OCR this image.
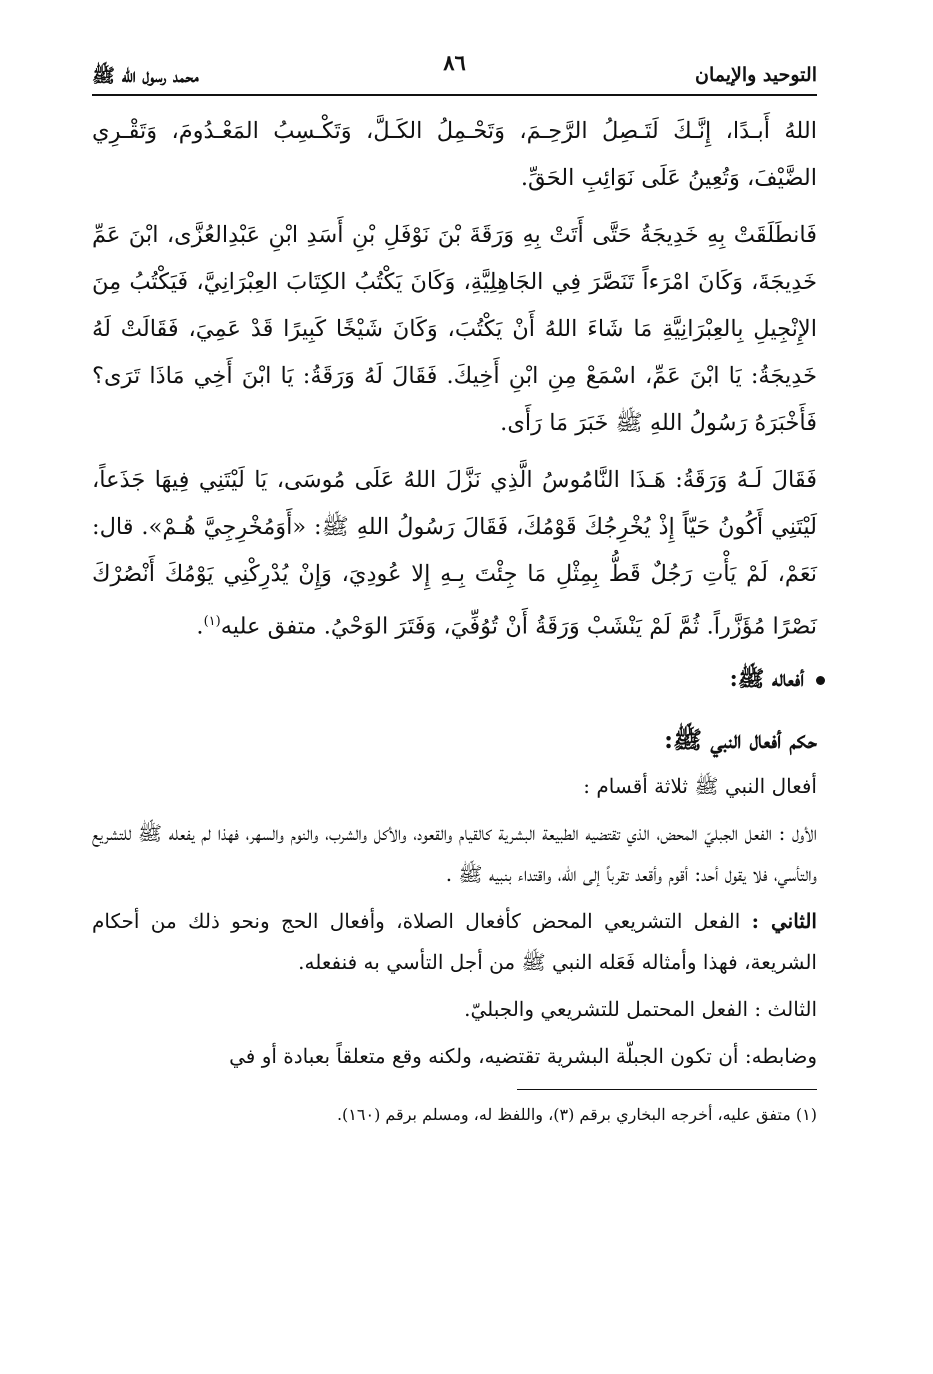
التوحيد والإيمان
٨٦
محمد رسول الله ﷺ

اللهُ أَبـدًا، إِنَّـكَ لَتَـصِلُ الرَّحِـمَ، وَتَحْـمِلُ الكَـلَّ، وَتَكْـسِبُ المَعْـدُومَ، وَتَقْـرِي الضَّيْفَ، وَتُعِينُ عَلَى نَوَائِبِ الحَقِّ.

فَانطَلَقَتْ بِهِ خَدِيجَةُ حَتَّى أَتَتْ بِهِ وَرَقَةَ بْنَ نَوْفَلِ بْنِ أَسَدِ ابْنِ عَبْدِالعُزَّى، ابْنَ عَمِّ خَدِيجَةَ، وَكَانَ امْرَءاً تَنَصَّرَ فِي الجَاهِلِيَّةِ، وَكَانَ يَكْتُبُ الكِتَابَ العِبْرَانِيَّ، فَيَكْتُبُ مِنَ الإِنْجِيلِ بِالعِبْرَانِيَّةِ مَا شَاءَ اللهُ أَنْ يَكْتُبَ، وَكَانَ شَيْخًا كَبِيرًا قَدْ عَمِيَ، فَقَالَتْ لَهُ خَدِيجَةُ: يَا ابْنَ عَمِّ، اسْمَعْ مِنِ ابْنِ أَخِيكَ. فَقَالَ لَهُ وَرَقَةُ: يَا ابْنَ أَخِي مَاذَا تَرَى؟ فَأَخْبَرَهُ رَسُولُ اللهِ ﷺ خَبَرَ مَا رَأَى.

فَقَالَ لَـهُ وَرَقَةُ: هَـذَا النَّامُوسُ الَّذِي نَزَّلَ اللهُ عَلَى مُوسَى، يَا لَيْتَنِي فِيهَا جَذَعاً، لَيْتَنِي أَكُونُ حَيّاً إِذْ يُخْرِجُكَ قَوْمُكَ، فَقَالَ رَسُولُ اللهِ ﷺ: «أَوَمُخْرِجِيَّ هُـمْ». قال: نَعَمْ، لَمْ يَأْتِ رَجُلٌ قَطُّ بِمِثْلِ مَا جِئْتَ بِـهِ إِلا عُودِيَ، وَإِنْ يُدْرِكْنِي يَوْمُكَ أَنْصُرْكَ نَصْرًا مُؤَزَّراً. ثُمَّ لَمْ يَنْشَبْ وَرَقَةُ أَنْ تُوُفِّيَ، وَفَتَرَ الوَحْيُ. متفق عليه$^{(١)}$.

أفعاله ﷺ:
حكم أفعال النبي ﷺ:

أفعال النبي ﷺ ثلاثة أقسام :

الأول : الفعل الجبليّ المحض، الذي تقتضيه الطبيعة البشرية كالقيام والقعود، والأكل والشرب، والنوم والسهر، فهذا لم يفعله ﷺ للتشريع والتأسي، فلا يقول أحد: أقوم وأقعد تقرباً إلى الله، واقتداء بنبيه ﷺ .

الثاني : الفعل التشريعي المحض كأفعال الصلاة، وأفعال الحج ونحو ذلك من أحكام الشريعة، فهذا وأمثاله فَعَله النبي ﷺ من أجل التأسي به فنفعله.

الثالث : الفعل المحتمل للتشريعي والجبليّ.

وضابطه: أن تكون الجبلّة البشرية تقتضيه، ولكنه وقع متعلقاً بعبادة أو في

(١) متفق عليه، أخرجه البخاري برقم (٣)، واللفظ له، ومسلم برقم (١٦٠).
